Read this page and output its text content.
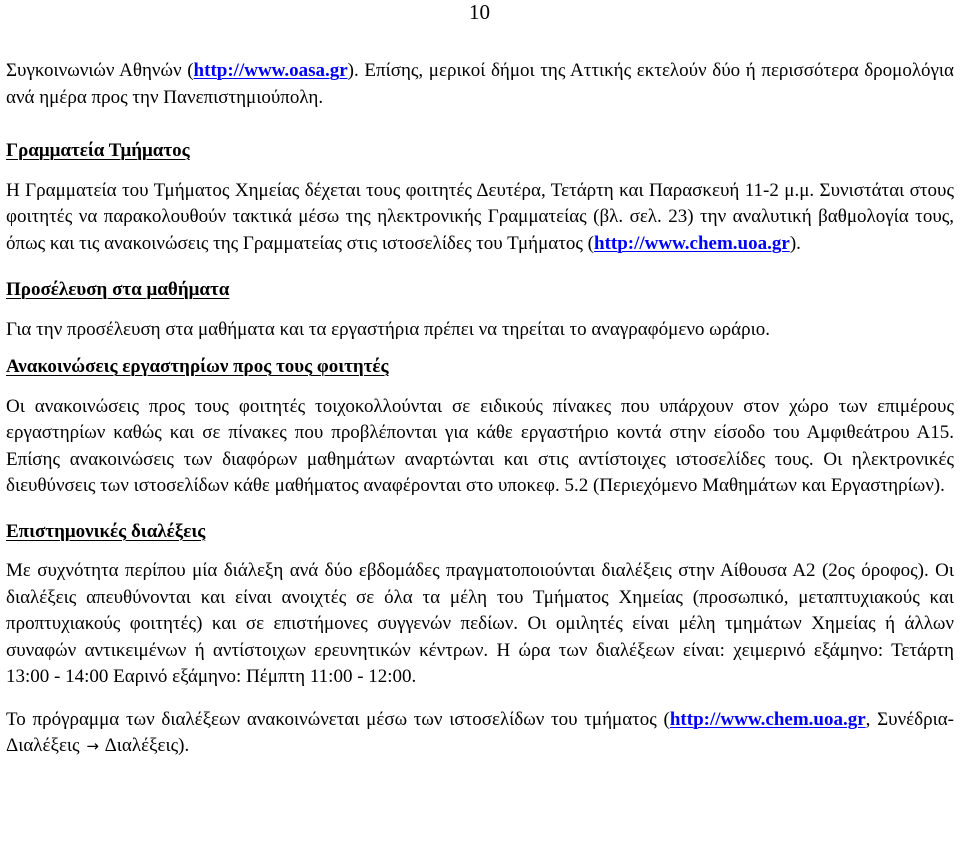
10

Συγκοινωνιών Αθηνών (http://www.oasa.gr). Επίσης, μερικοί δήμοι της Αττικής εκτελούν δύο ή περισσότερα δρομολόγια ανά ημέρα προς την Πανεπιστημιούπολη.

Γραμματεία Τμήματος

Η Γραμματεία του Τμήματος Χημείας δέχεται τους φοιτητές Δευτέρα, Τετάρτη και Παρασκευή 11-2 μ.μ. Συνιστάται στους φοιτητές να παρακολουθούν τακτικά μέσω της ηλεκτρονικής Γραμματείας (βλ. σελ. 23) την αναλυτική βαθμολογία τους, όπως και τις ανακοινώσεις της Γραμματείας στις ιστοσελίδες του Τμήματος (http://www.chem.uoa.gr).

Προσέλευση στα μαθήματα

Για την προσέλευση στα μαθήματα και τα εργαστήρια πρέπει να τηρείται το αναγραφόμενο ωράριο.

Ανακοινώσεις εργαστηρίων προς τους φοιτητές

Οι ανακοινώσεις προς τους φοιτητές τοιχοκολλούνται σε ειδικούς πίνακες που υπάρχουν στον χώρο των επιμέρους εργαστηρίων καθώς και σε πίνακες που προβλέπονται για κάθε εργαστήριο κοντά στην είσοδο του Αμφιθεάτρου Α15. Επίσης ανακοινώσεις των διαφόρων μαθημάτων αναρτώνται και στις αντίστοιχες ιστοσελίδες τους. Οι ηλεκτρονικές διευθύνσεις των ιστοσελίδων κάθε μαθήματος αναφέρονται στο υποκεφ. 5.2 (Περιεχόμενο Μαθημάτων και Εργαστηρίων).

Επιστημονικές διαλέξεις

Με συχνότητα περίπου μία διάλεξη ανά δύο εβδομάδες πραγματοποιούνται διαλέξεις στην Αίθουσα Α2 (2ος όροφος). Οι διαλέξεις απευθύνονται και είναι ανοιχτές σε όλα τα μέλη του Τμήματος Χημείας (προσωπικό, μεταπτυχιακούς και προπτυχιακούς φοιτητές) και σε επιστήμονες συγγενών πεδίων. Οι ομιλητές είναι μέλη τμημάτων Χημείας ή άλλων συναφών αντικειμένων ή αντίστοιχων ερευνητικών κέντρων. Η ώρα των διαλέξεων είναι: χειμερινό εξάμηνο: Τετάρτη 13:00 - 14:00 Εαρινό εξάμηνο: Πέμπτη 11:00 - 12:00.

Το πρόγραμμα των διαλέξεων ανακοινώνεται μέσω των ιστοσελίδων του τμήματος (http://www.chem.uoa.gr, Συνέδρια-Διαλέξεις → Διαλέξεις).
